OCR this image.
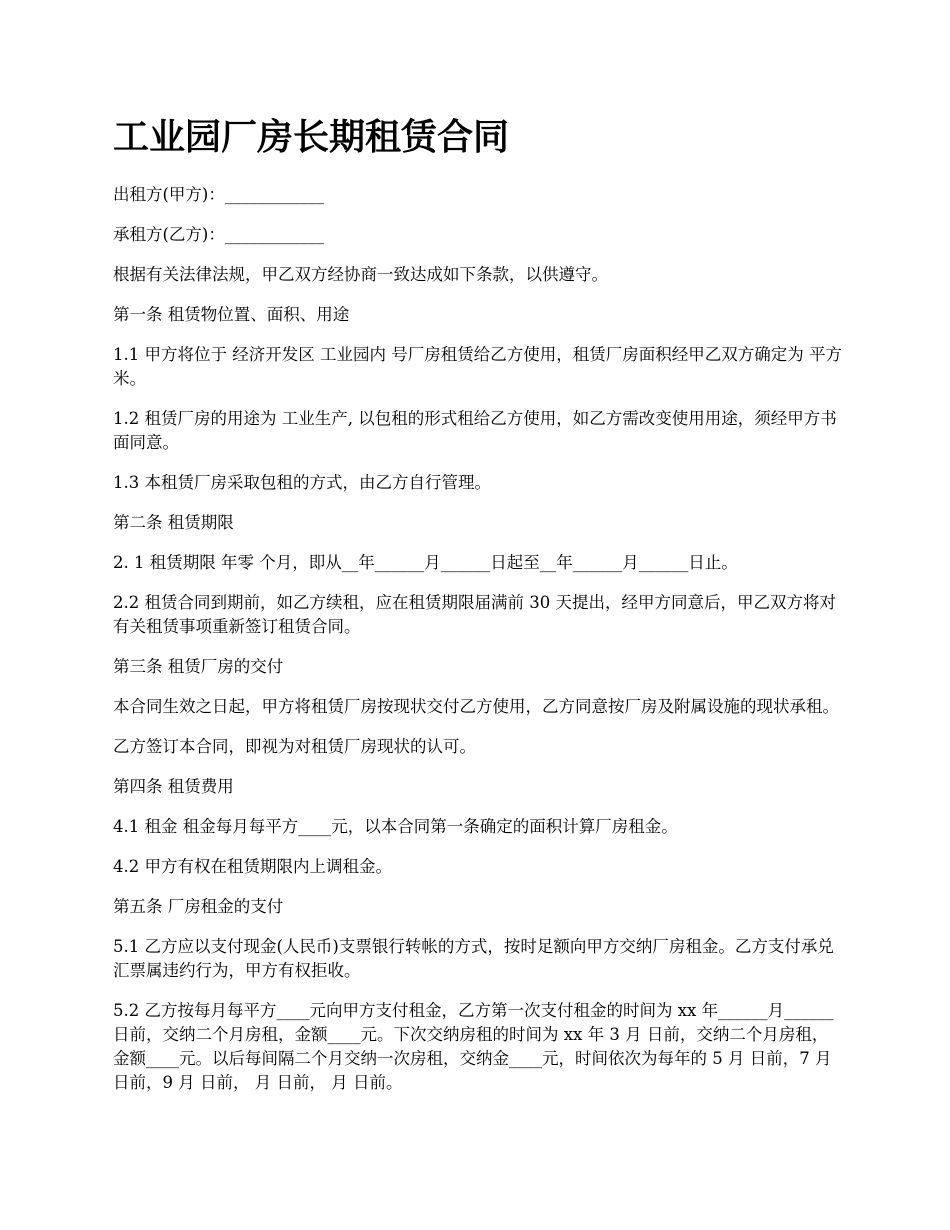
工业园厂房长期租赁合同

出租方(甲方)：____________

承租方(乙方)：____________

根据有关法律法规，甲乙双方经协商一致达成如下条款，以供遵守。

第一条 租赁物位置、面积、用途

1.1 甲方将位于 经济开发区 工业园内 号厂房租赁给乙方使用，租赁厂房面积经甲乙双方确定为 平方米。

1.2 租赁厂房的用途为 工业生产, 以包租的形式租给乙方使用，如乙方需改变使用用途，须经甲方书面同意。

1.3 本租赁厂房采取包租的方式，由乙方自行管理。

第二条 租赁期限

2. 1 租赁期限 年零 个月，即从__年______月______日起至__年______月______日止。

2.2 租赁合同到期前，如乙方续租，应在租赁期限届满前 30 天提出，经甲方同意后，甲乙双方将对有关租赁事项重新签订租赁合同。

第三条 租赁厂房的交付

本合同生效之日起，甲方将租赁厂房按现状交付乙方使用，乙方同意按厂房及附属设施的现状承租。

乙方签订本合同，即视为对租赁厂房现状的认可。

第四条 租赁费用

4.1 租金 租金每月每平方____元，以本合同第一条确定的面积计算厂房租金。

4.2 甲方有权在租赁期限内上调租金。

第五条 厂房租金的支付

5.1 乙方应以支付现金(人民币)支票银行转帐的方式，按时足额向甲方交纳厂房租金。乙方支付承兑汇票属违约行为，甲方有权拒收。

5.2 乙方按每月每平方____元向甲方支付租金，乙方第一次支付租金的时间为 xx 年______月______日前，交纳二个月房租，金额____元。下次交纳房租的时间为 xx 年 3 月 日前，交纳二个月房租，金额____元。以后每间隔二个月交纳一次房租，交纳金____元，时间依次为每年的 5 月 日前，7 月 日前，9 月 日前， 月 日前， 月 日前。
